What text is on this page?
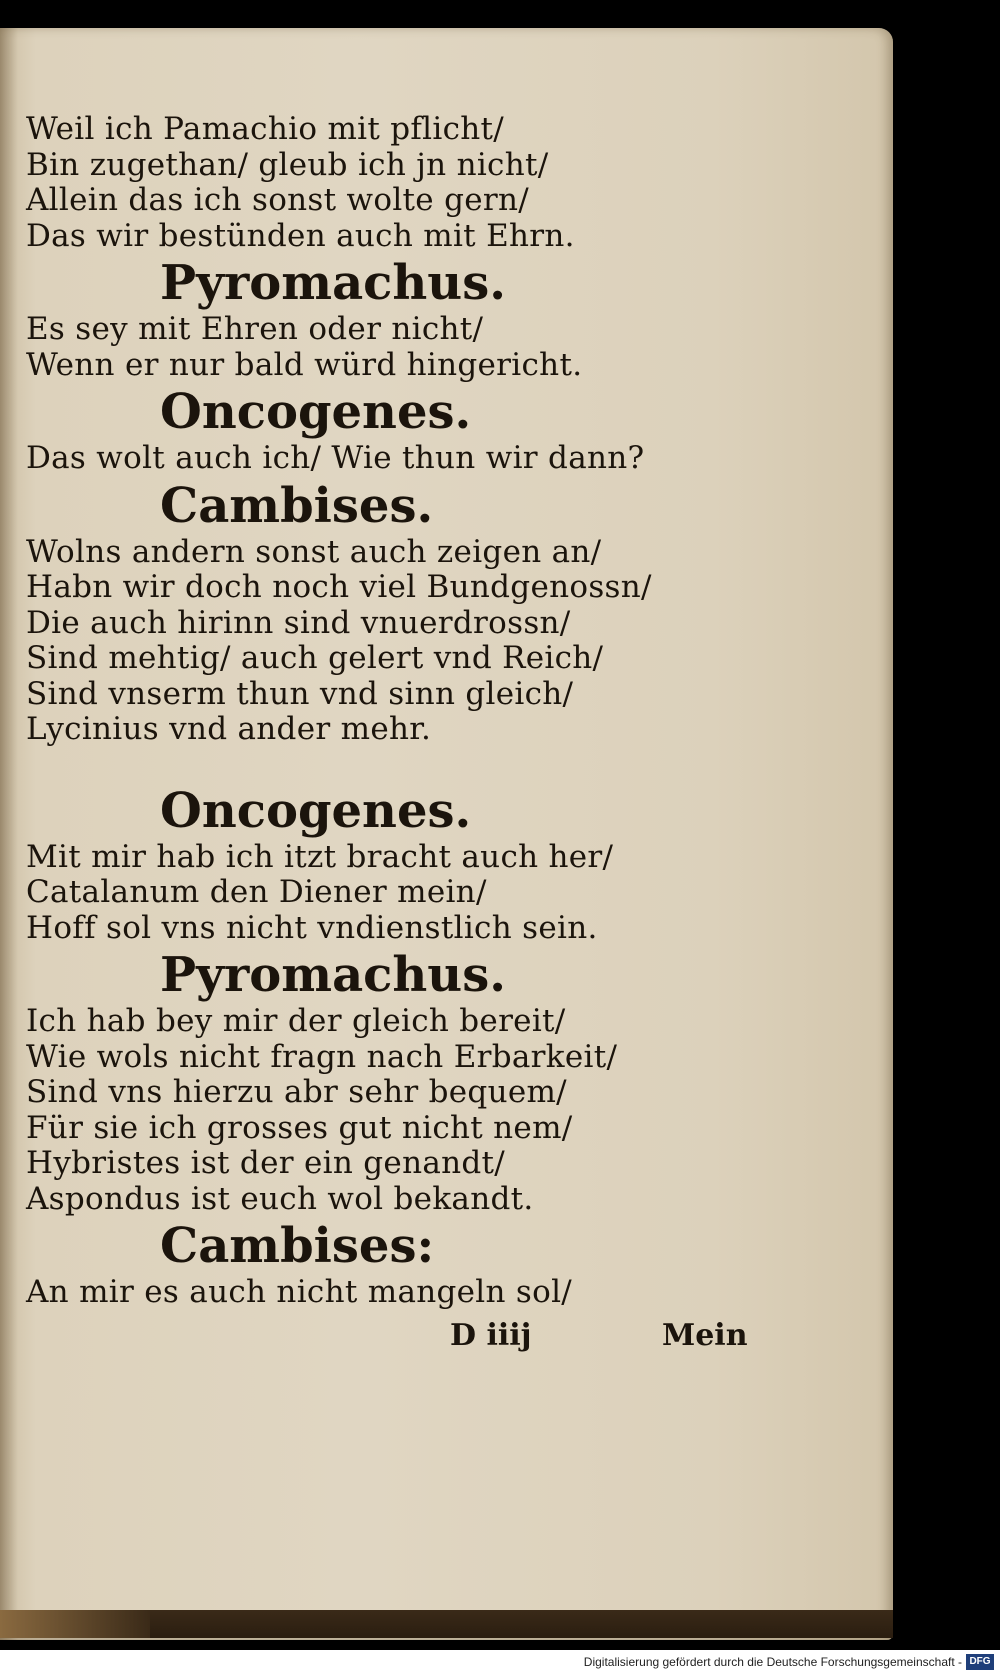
Weil ich Pamachio mit pflicht/

Bin zugethan/ gleub ich jn nicht/

Allein das ich sonst wolte gern/

Das wir bestünden auch mit Ehrn.

Pyromachus.

Es sey mit Ehren oder nicht/

Wenn er nur bald würd hingericht.

Oncogenes.

Das wolt auch ich/ Wie thun wir dann?

Cambises.

Wolns andern sonst auch zeigen an/

Habn wir doch noch viel Bundgenossn/

Die auch hirinn sind vnuerdrossn/

Sind mehtig/ auch gelert vnd Reich/

Sind vnserm thun vnd sinn gleich/

Lycinius vnd ander mehr.

Oncogenes.

Mit mir hab ich itzt bracht auch her/

Catalanum den Diener mein/

Hoff sol vns nicht vndienstlich sein.

Pyromachus.

Ich hab bey mir der gleich bereit/

Wie wols nicht fragn nach Erbarkeit/

Sind vns hierzu abr sehr bequem/

Für sie ich grosses gut nicht nem/

Hybristes ist der ein genandt/

Aspondus ist euch wol bekandt.

Cambises:

An mir es auch nicht mangeln sol/

D iiij	Mein
Digitalisierung gefördert durch die Deutsche Forschungsgemeinschaft - DFG
